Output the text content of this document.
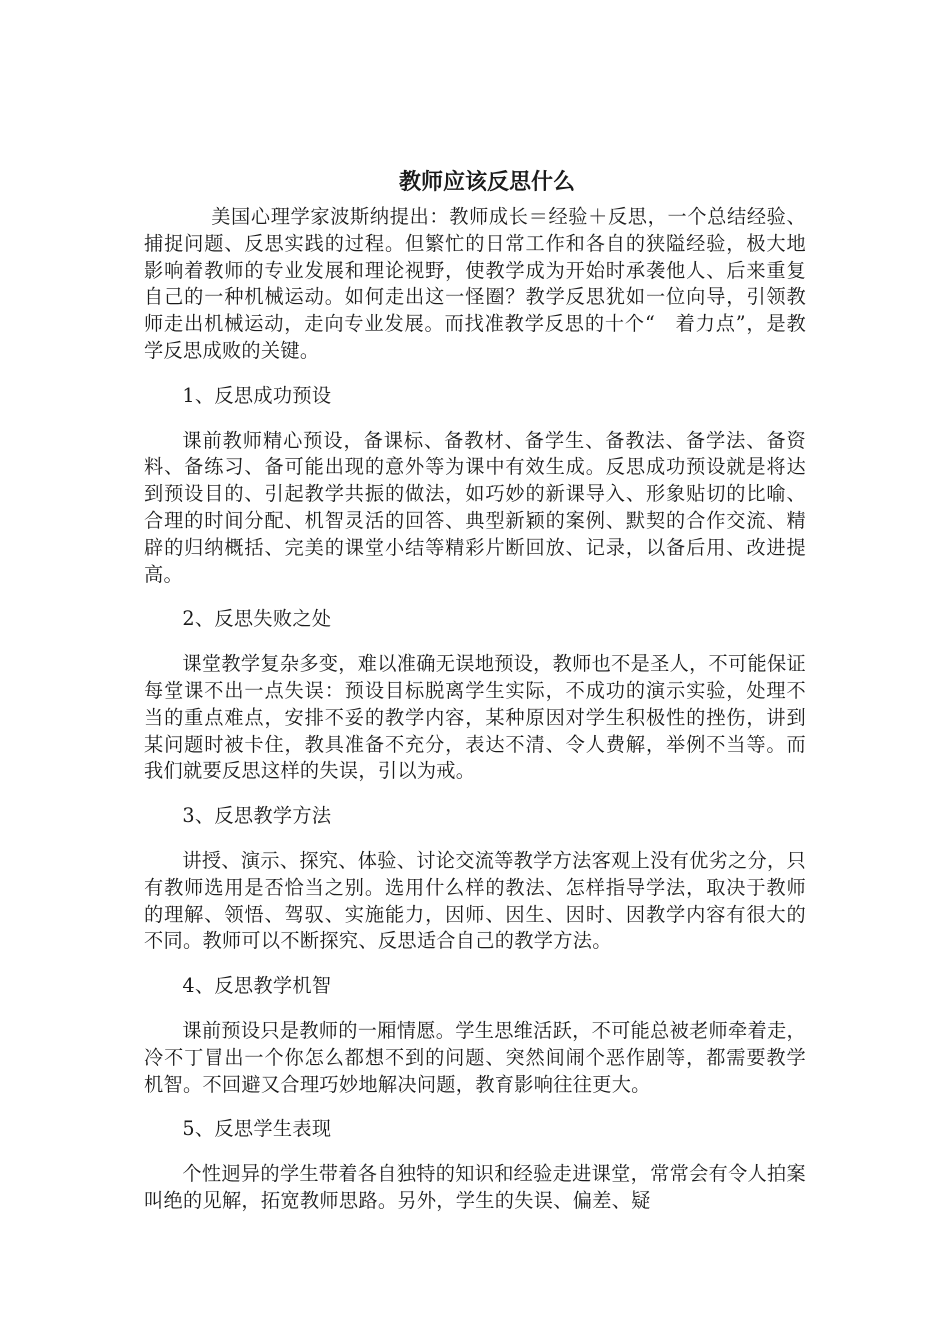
教师应该反思什么

美国心理学家波斯纳提出：教师成长＝经验＋反思，一个总结经验、捕捉问题、反思实践的过程。但繁忙的日常工作和各自的狭隘经验，极大地影响着教师的专业发展和理论视野，使教学成为开始时承袭他人、后来重复自己的一种机械运动。如何走出这一怪圈？教学反思犹如一位向导，引领教师走出机械运动，走向专业发展。而找准教学反思的十个“　着力点”，是教学反思成败的关键。

1、反思成功预设

课前教师精心预设，备课标、备教材、备学生、备教法、备学法、备资料、备练习、备可能出现的意外等为课中有效生成。反思成功预设就是将达到预设目的、引起教学共振的做法，如巧妙的新课导入、形象贴切的比喻、合理的时间分配、机智灵活的回答、典型新颖的案例、默契的合作交流、精辟的归纳概括、完美的课堂小结等精彩片断回放、记录，以备后用、改进提高。

2、反思失败之处

课堂教学复杂多变，难以准确无误地预设，教师也不是圣人，不可能保证每堂课不出一点失误：预设目标脱离学生实际，不成功的演示实验，处理不当的重点难点，安排不妥的教学内容，某种原因对学生积极性的挫伤，讲到某问题时被卡住，教具准备不充分，表达不清、令人费解，举例不当等。而我们就要反思这样的失误，引以为戒。

3、反思教学方法

讲授、演示、探究、体验、讨论交流等教学方法客观上没有优劣之分，只有教师选用是否恰当之别。选用什么样的教法、怎样指导学法，取决于教师的理解、领悟、驾驭、实施能力，因师、因生、因时、因教学内容有很大的不同。教师可以不断探究、反思适合自己的教学方法。

4、反思教学机智

课前预设只是教师的一厢情愿。学生思维活跃，不可能总被老师牵着走，冷不丁冒出一个你怎么都想不到的问题、突然间闹个恶作剧等，都需要教学机智。不回避又合理巧妙地解决问题，教育影响往往更大。

5、反思学生表现

个性迥异的学生带着各自独特的知识和经验走进课堂，常常会有令人拍案叫绝的见解，拓宽教师思路。另外，学生的失误、偏差、疑
